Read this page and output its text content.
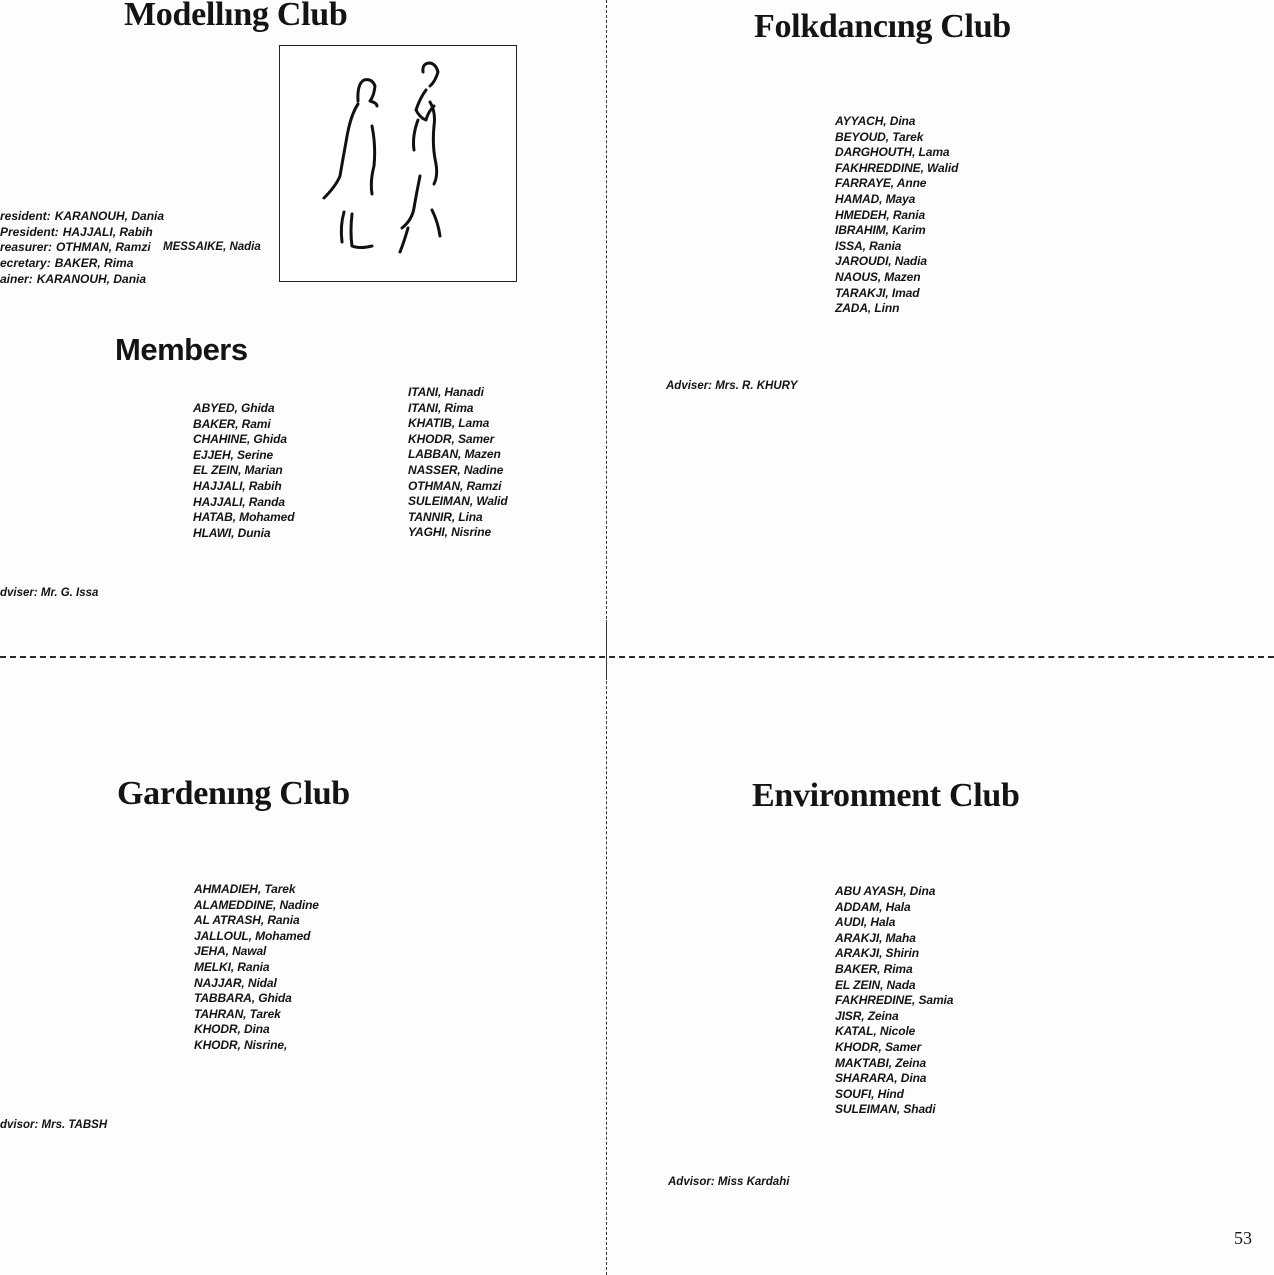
Modellıng Club
resident: KARANOUH, Dania
President: HAJJALI, Rabih
reasurer: OTHMAN, Ramzi
ecretary: BAKER, Rima
ainer: KARANOUH, Dania
MESSAIKE, Nadia
Members
ABYED, Ghida
BAKER, Rami
CHAHINE, Ghida
EJJEH, Serine
EL ZEIN, Marian
HAJJALI, Rabih
HAJJALI, Randa
HATAB, Mohamed
HLAWI, Dunia
ITANI, Hanadi
ITANI, Rima
KHATIB, Lama
KHODR, Samer
LABBAN, Mazen
NASSER, Nadine
OTHMAN, Ramzi
SULEIMAN, Walid
TANNIR, Lina
YAGHI, Nisrine
dviser: Mr. G. Issa
Folkdancıng Club
AYYACH, Dina
BEYOUD, Tarek
DARGHOUTH, Lama
FAKHREDDINE, Walid
FARRAYE, Anne
HAMAD, Maya
HMEDEH, Rania
IBRAHIM, Karim
ISSA, Rania
JAROUDI, Nadia
NAOUS, Mazen
TARAKJI, Imad
ZADA, Linn
Adviser: Mrs. R. KHURY
Gardenıng Club
AHMADIEH, Tarek
ALAMEDDINE, Nadine
AL ATRASH, Rania
JALLOUL, Mohamed
JEHA, Nawal
MELKI, Rania
NAJJAR, Nidal
TABBARA, Ghida
TAHRAN, Tarek
KHODR, Dina
KHODR, Nisrine,
dvisor: Mrs. TABSH
Environment Club
ABU AYASH, Dina
ADDAM, Hala
AUDI, Hala
ARAKJI, Maha
ARAKJI, Shirin
BAKER, Rima
EL ZEIN, Nada
FAKHREDINE, Samia
JISR, Zeina
KATAL, Nicole
KHODR, Samer
MAKTABI, Zeina
SHARARA, Dina
SOUFI, Hind
SULEIMAN, Shadi
Advisor: Miss Kardahi
53
